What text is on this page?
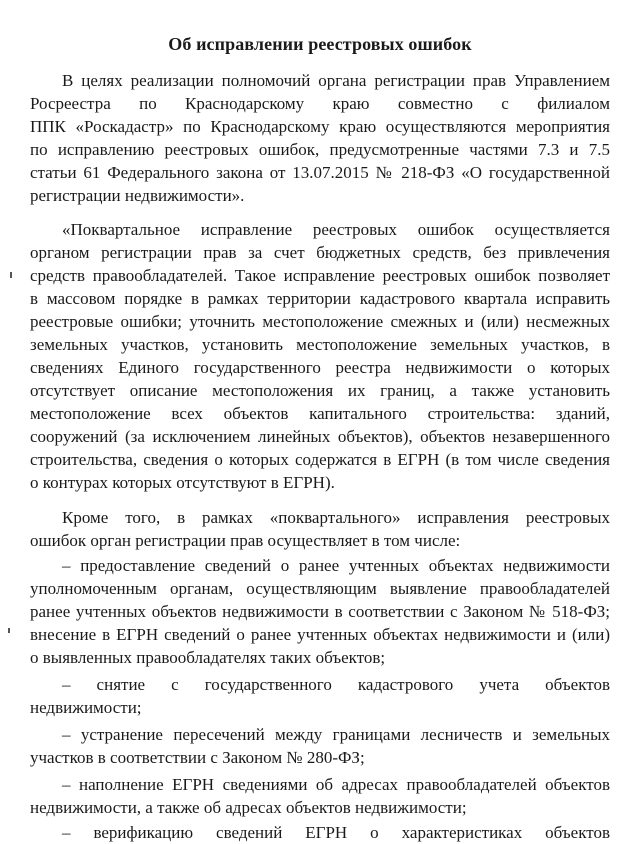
Об исправлении реестровых ошибок
В целях реализации полномочий органа регистрации прав Управлением
Росреестра по Краснодарскому краю совместно с филиалом
ППК «Роскадастр» по Краснодарскому краю осуществляются мероприятия
по исправлению реестровых ошибок, предусмотренные частями 7.3 и 7.5
статьи 61 Федерального закона от 13.07.2015 № 218-ФЗ «О государственной
регистрации недвижимости».
«Поквартальное исправление реестровых ошибок осуществляется
органом регистрации прав за счет бюджетных средств, без привлечения
средств правообладателей. Такое исправление реестровых ошибок позволяет
в массовом порядке в рамках территории кадастрового квартала исправить
реестровые ошибки; уточнить местоположение смежных и (или) несмежных
земельных участков, установить местоположение земельных участков, в
сведениях Единого государственного реестра недвижимости о которых
отсутствует описание местоположения их границ, а также установить
местоположение всех объектов капитального строительства: зданий,
сооружений (за исключением линейных объектов), объектов незавершенного
строительства, сведения о которых содержатся в ЕГРН (в том числе сведения
о контурах которых отсутствуют в ЕГРН).
Кроме того, в рамках «поквартального» исправления реестровых
ошибок орган регистрации прав осуществляет в том числе:
– предоставление сведений о ранее учтенных объектах недвижимости
уполномоченным органам, осуществляющим выявление правообладателей
ранее учтенных объектов недвижимости в соответствии с Законом № 518-ФЗ;
внесение в ЕГРН сведений о ранее учтенных объектах недвижимости и (или)
о выявленных правообладателях таких объектов;
– снятие с государственного кадастрового учета объектов
недвижимости;
– устранение пересечений между границами лесничеств и земельных
участков в соответствии с Законом № 280-ФЗ;
– наполнение ЕГРН сведениями об адресах правообладателей объектов
недвижимости, а также об адресах объектов недвижимости;
– верификацию сведений ЕГРН о характеристиках объектов
